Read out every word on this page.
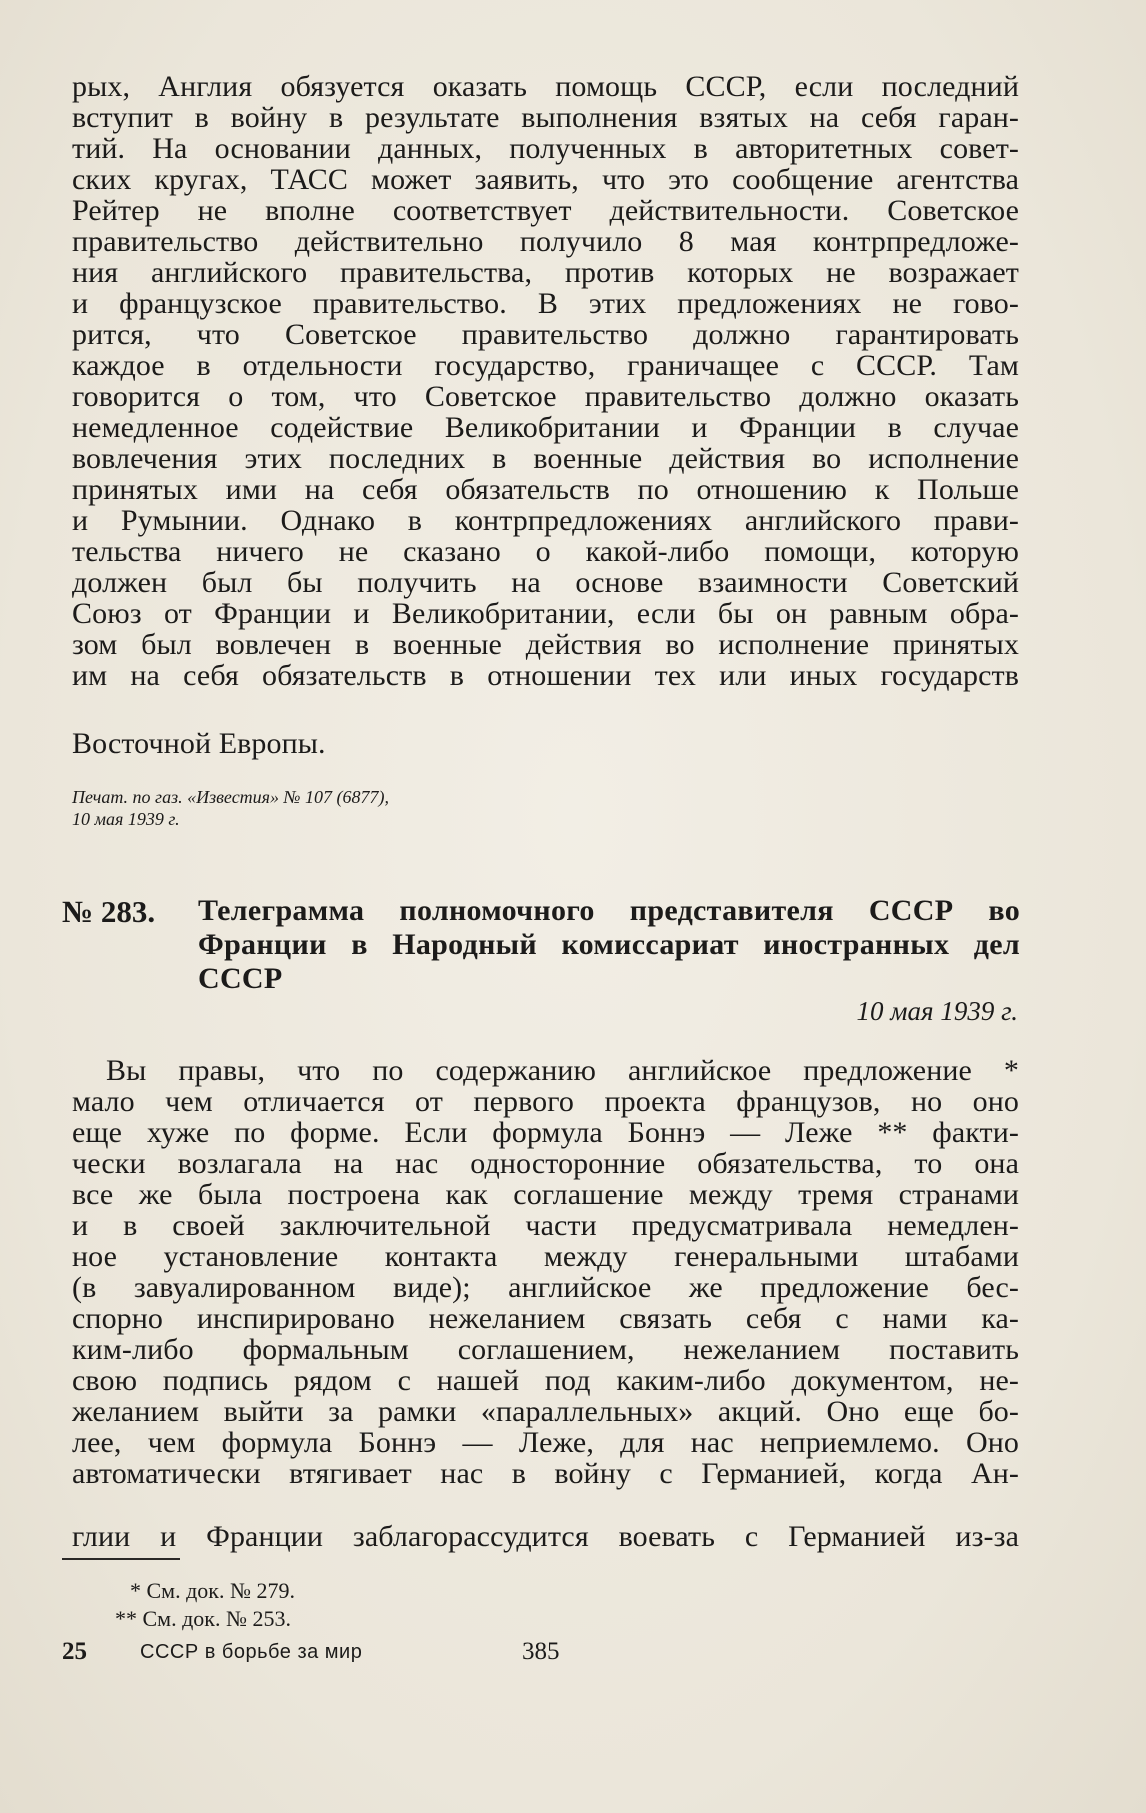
рых, Англия обязуется оказать помощь СССР, если последний
вступит в войну в результате выполнения взятых на себя гаран-
тий. На основании данных, полученных в авторитетных совет-
ских кругах, ТАСС может заявить, что это сообщение агентства
Рейтер не вполне соответствует действительности. Советское
правительство действительно получило 8 мая контрпредложе-
ния английского правительства, против которых не возражает
и французское правительство. В этих предложениях не гово-
рится, что Советское правительство должно гарантировать
каждое в отдельности государство, граничащее с СССР. Там
говорится о том, что Советское правительство должно оказать
немедленное содействие Великобритании и Франции в случае
вовлечения этих последних в военные действия во исполнение
принятых ими на себя обязательств по отношению к Польше
и Румынии. Однако в контрпредложениях английского прави-
тельства ничего не сказано о какой-либо помощи, которую
должен был бы получить на основе взаимности Советский
Союз от Франции и Великобритании, если бы он равным обра-
зом был вовлечен в военные действия во исполнение принятых
им на себя обязательств в отношении тех или иных государств
Восточной Европы.
Печат. по газ. «Известия» № 107 (6877),
10 мая 1939 г.
№ 283. Телеграмма полномочного представителя СССР во
Франции в Народный комиссариат иностранных дел
СССР
10 мая 1939 г.
Вы правы, что по содержанию английское предложение *
мало чем отличается от первого проекта французов, но оно
еще хуже по форме. Если формула Боннэ — Леже ** факти-
чески возлагала на нас односторонние обязательства, то она
все же была построена как соглашение между тремя странами
и в своей заключительной части предусматривала немедлен-
ное установление контакта между генеральными штабами
(в завуалированном виде); английское же предложение бес-
спорно инспирировано нежеланием связать себя с нами ка-
ким-либо формальным соглашением, нежеланием поставить
свою подпись рядом с нашей под каким-либо документом, не-
желанием выйти за рамки «параллельных» акций. Оно еще бо-
лее, чем формула Боннэ — Леже, для нас неприемлемо. Оно
автоматически втягивает нас в войну с Германией, когда Ан-
глии и Франции заблагорассудится воевать с Германией из-за
* См. док. № 279.
** См. док. № 253.
25	СССР в борьбе за мир	385
